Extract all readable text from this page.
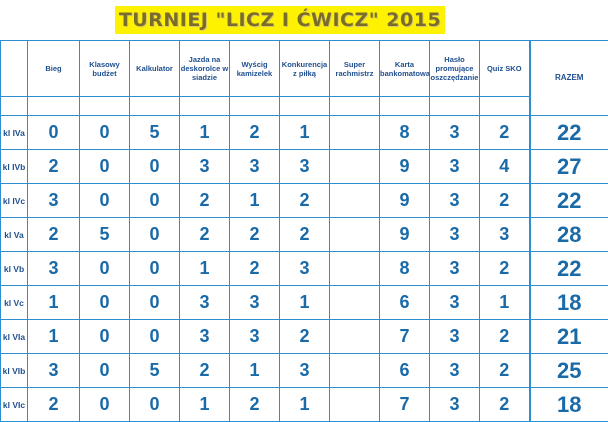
TURNIEJ "LICZ I ĆWICZ" 2015
	Bieg	Klasowy budżet	Kalkulator	Jazda na deskorolce w siadzie	Wyścig kamizelek	Konkurencja z piłką	Super rachmistrz	Karta bankomatowa	Hasło promujące oszczędzanie	Quiz SKO	RAZEM

kl IVa	0	0	5	1	2	1		8	3	2	22
kl IVb	2	0	0	3	3	3		9	3	4	27
kl IVc	3	0	0	2	1	2		9	3	2	22
kl Va	2	5	0	2	2	2		9	3	3	28
kl Vb	3	0	0	1	2	3		8	3	2	22
kl Vc	1	0	0	3	3	1		6	3	1	18
kl VIa	1	0	0	3	3	2		7	3	2	21
kl VIb	3	0	5	2	1	3		6	3	2	25
kl VIc	2	0	0	1	2	1		7	3	2	18
